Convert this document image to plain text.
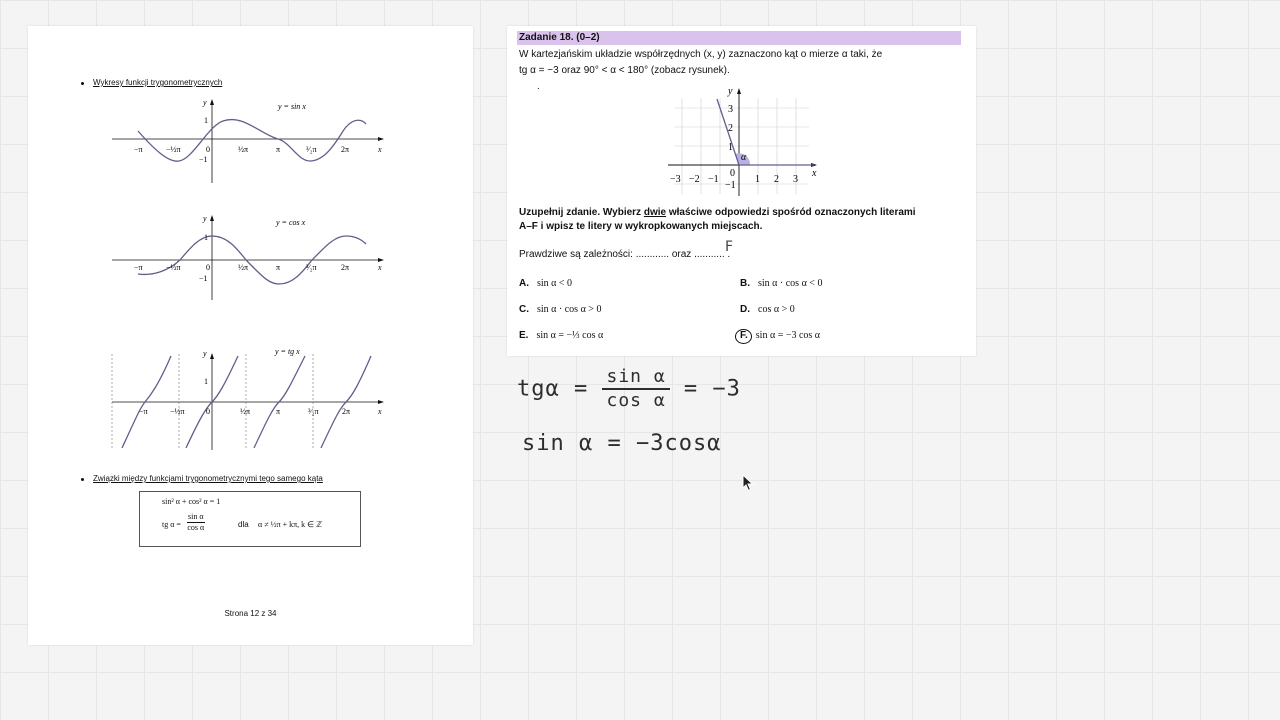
Wykresy funkcji trygonometrycznych
y = sin x
x
y
1
−1
−π	−½π	0	½π	π	³⁄₂π	2π
y = cos x
x
y
1
−1
−π	−½π	0	½π	π	³⁄₂π	2π
y = tg x
x
y
1
−π	−½π	0	½π	π	³⁄₂π	2π
Związki między funkcjami trygonometrycznymi tego samego kąta
sin² α + cos² α = 1
tg $\alpha = \frac{\text{sin α}}{\text{cos α}}$	dla α ≠ ½π + kπ, k ∈ ℤ
Strona 12 z 34
Zadanie 18. (0–2)
W kartezjańskim układzie współrzędnych (x, y) zaznaczono kąt o mierze α taki, że
tg α = −3 oraz 90° < α < 180° (zobacz rysunek).
.
α
x
y
−3 −2 −1
0
1 2 3
3
2
1
−1
Uzupełnij zdanie. Wybierz dwie właściwe odpowiedzi spośród oznaczonych literami
A–F i wpisz te litery w wykropkowanych miejscach.
Prawdziwe są zależności: ............ oraz ........... .
F
A. sin α < 0	B. sin α · cos α < 0
C. sin α · cos α > 0	D. cos α > 0
E. sin α = −⅓ cos α	F. sin α = −3 cos α
$tg\alpha = \frac{\text{sin α}}{\text{cos α}} = -3$
sin α = −3cosα
